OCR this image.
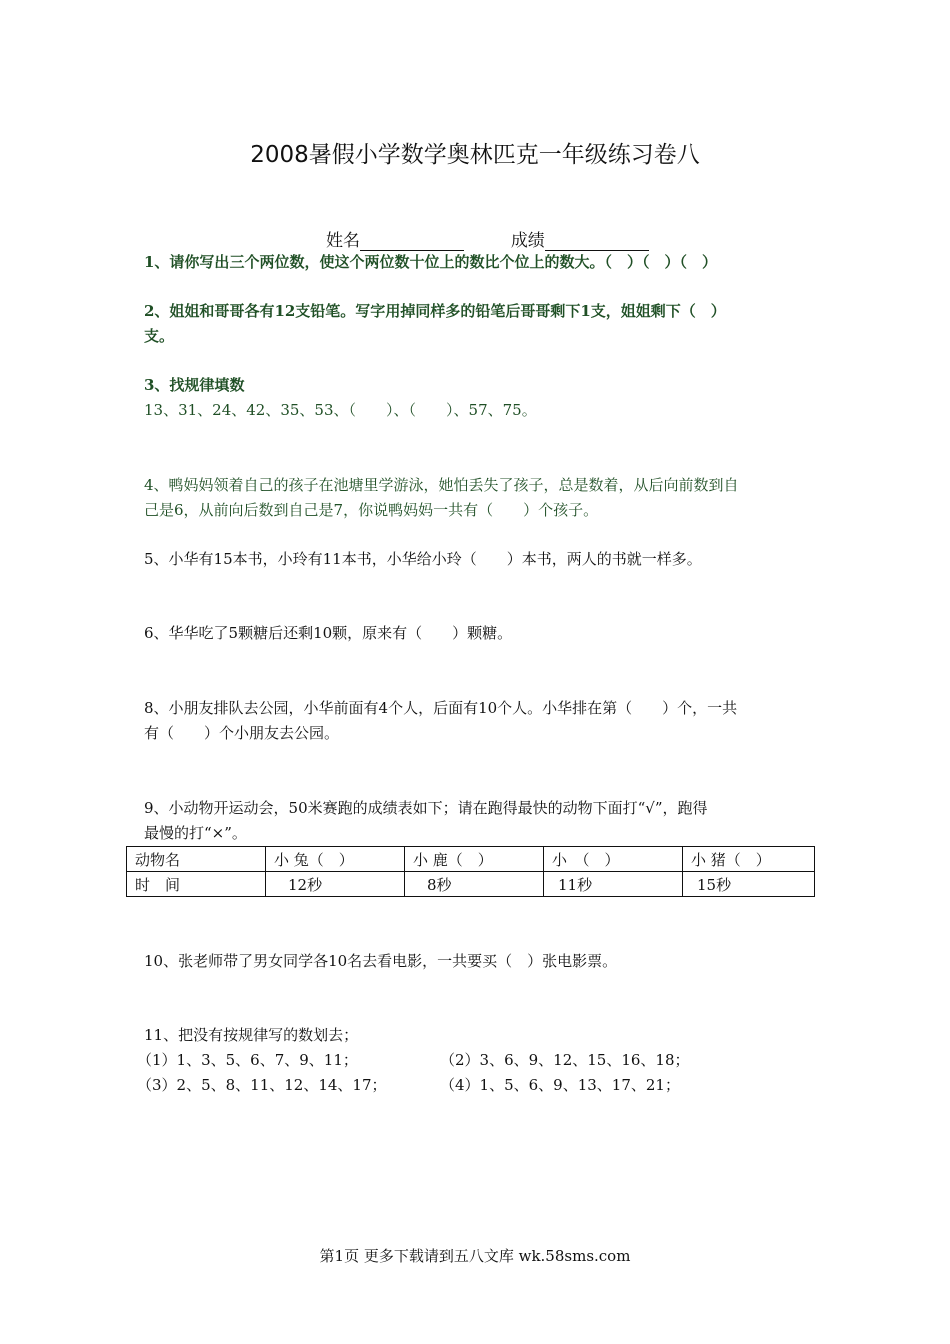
2008暑假小学数学奥林匹克一年级练习卷八
姓名	成绩
1、请你写出三个两位数，使这个两位数十位上的数比个位上的数大。（　）（　）（　）
2、姐姐和哥哥各有12支铅笔。写字用掉同样多的铅笔后哥哥剩下1支，姐姐剩下（　）
支。
3、找规律填数
13、31、24、42、35、53、（　　）、（　　）、57、75。
4、鸭妈妈领着自己的孩子在池塘里学游泳，她怕丢失了孩子，总是数着，从后向前数到自
己是6，从前向后数到自己是7，你说鸭妈妈一共有（　　）个孩子。
5、小华有15本书，小玲有11本书，小华给小玲（　　）本书，两人的书就一样多。
6、华华吃了5颗糖后还剩10颗，原来有（　　）颗糖。
8、小朋友排队去公园，小华前面有4个人，后面有10个人。小华排在第（　　）个，一共
有（　　）个小朋友去公园。
9、小动物开运动会，50米赛跑的成绩表如下；请在跑得最快的动物下面打“√”，跑得
最慢的打“×”。
动物名	小 兔（　）	小 鹿（　）	小　（　）	小 猪（　）
时　间	12秒	8秒	11秒	15秒
10、张老师带了男女同学各10名去看电影，一共要买（　）张电影票。
11、把没有按规律写的数划去；
（1）1、3、5、6、7、9、11；	（2）3、6、9、12、15、16、18；
（3）2、5、8、11、12、14、17；	（4）1、5、6、9、13、17、21；
第1页 更多下载请到五八文库 wk.58sms.com
